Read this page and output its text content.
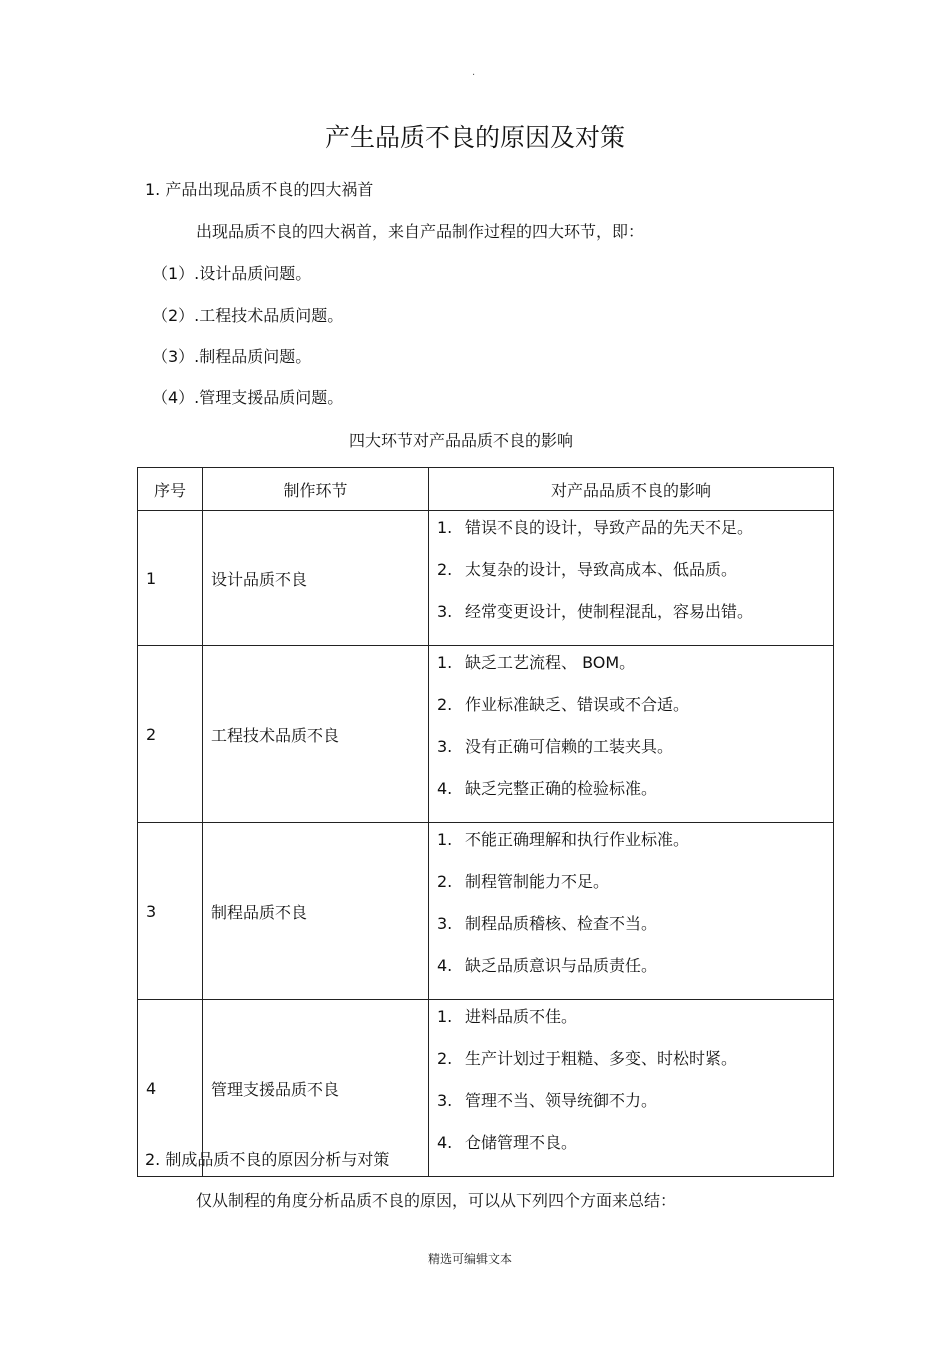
·
产生品质不良的原因及对策
1. 产品出现品质不良的四大祸首
出现品质不良的四大祸首，来自产品制作过程的四大环节，即：
（1）.设计品质问题。
（2）.工程技术品质问题。
（3）.制程品质问题。
（4）.管理支援品质问题。
四大环节对产品品质不良的影响
序号	制作环节	对产品品质不良的影响
1	设计品质不良	1. 错误不良的设计，导致产品的先天不足。
2. 太复杂的设计，导致高成本、低品质。
3. 经常变更设计，使制程混乱，容易出错。

2	工程技术品质不良	1. 缺乏工艺流程、 BOM。
2. 作业标准缺乏、错误或不合适。
3. 没有正确可信赖的工装夹具。
4. 缺乏完整正确的检验标准。

3	制程品质不良	1. 不能正确理解和执行作业标准。
2. 制程管制能力不足。
3. 制程品质稽核、检查不当。
4. 缺乏品质意识与品质责任。

4	管理支援品质不良	1. 进料品质不佳。
2. 生产计划过于粗糙、多变、时松时紧。
3. 管理不当、领导统御不力。
4. 仓储管理不良。
2. 制成品质不良的原因分析与对策
仅从制程的角度分析品质不良的原因，可以从下列四个方面来总结：
精选可编辑文本
